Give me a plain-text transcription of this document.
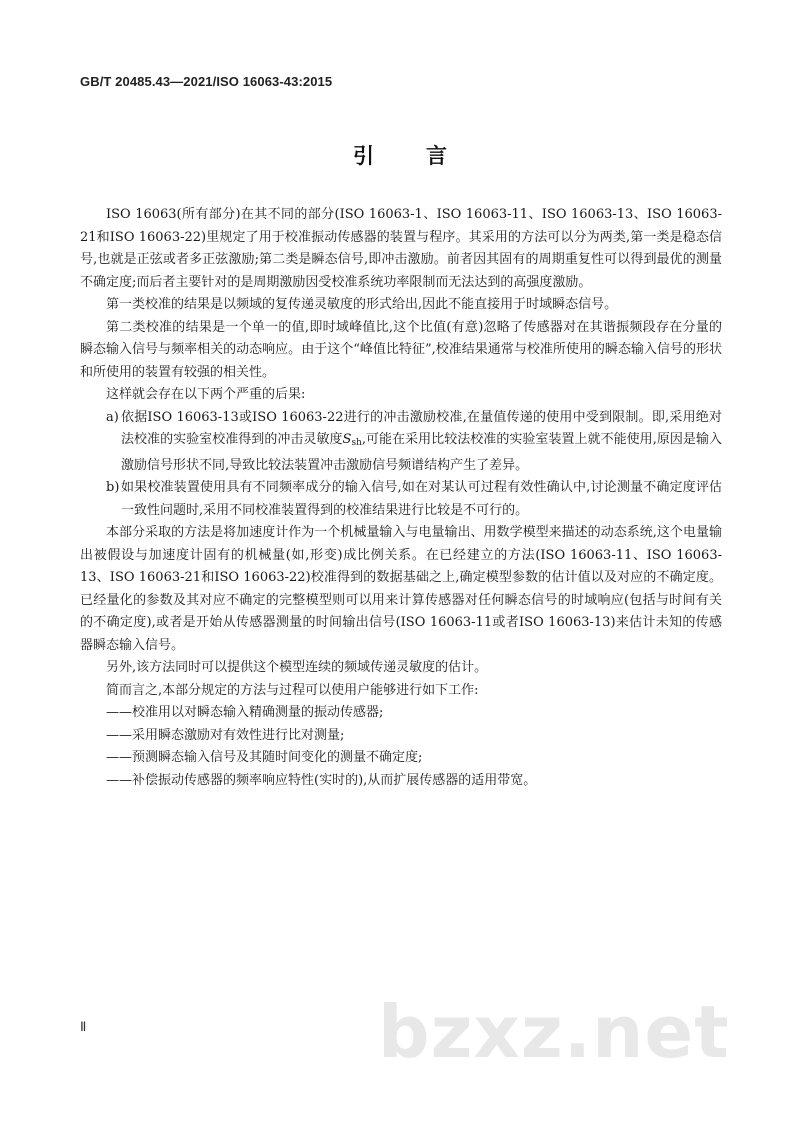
GB/T 20485.43—2021/ISO 16063-43:2015
引言

ISO 16063(所有部分)在其不同的部分(ISO 16063-1、ISO 16063-11、ISO 16063-13、ISO 16063-21和ISO 16063-22)里规定了用于校准振动传感器的装置与程序。其采用的方法可以分为两类,第一类是稳态信号,也就是正弦或者多正弦激励;第二类是瞬态信号,即冲击激励。前者因其固有的周期重复性可以得到最优的测量不确定度;而后者主要针对的是周期激励因受校准系统功率限制而无法达到的高强度激励。

第一类校准的结果是以频域的复传递灵敏度的形式给出,因此不能直接用于时域瞬态信号。

第二类校准的结果是一个单一的值,即时域峰值比,这个比值(有意)忽略了传感器对在其谐振频段存在分量的瞬态输入信号与频率相关的动态响应。由于这个“峰值比特征”,校准结果通常与校准所使用的瞬态输入信号的形状和所使用的装置有较强的相关性。

这样就会存在以下两个严重的后果:

a) 依据ISO 16063-13或ISO 16063-22进行的冲击激励校准,在量值传递的使用中受到限制。即,采用绝对法校准的实验室校准得到的冲击灵敏度$S_{sh}$,可能在采用比较法校准的实验室装置上就不能使用,原因是输入激励信号形状不同,导致比较法装置冲击激励信号频谱结构产生了差异。

b) 如果校准装置使用具有不同频率成分的输入信号,如在对某认可过程有效性确认中,讨论测量不确定度评估一致性问题时,采用不同校准装置得到的校准结果进行比较是不可行的。

本部分采取的方法是将加速度计作为一个机械量输入与电量输出、用数学模型来描述的动态系统,这个电量输出被假设与加速度计固有的机械量(如,形变)成比例关系。在已经建立的方法(ISO 16063-11、ISO 16063-13、ISO 16063-21和ISO 16063-22)校准得到的数据基础之上,确定模型参数的估计值以及对应的不确定度。已经量化的参数及其对应不确定的完整模型则可以用来计算传感器对任何瞬态信号的时域响应(包括与时间有关的不确定度),或者是开始从传感器测量的时间输出信号(ISO 16063-11或者ISO 16063-13)来估计未知的传感器瞬态输入信号。

另外,该方法同时可以提供这个模型连续的频域传递灵敏度的估计。

简而言之,本部分规定的方法与过程可以使用户能够进行如下工作:

——校准用以对瞬态输入精确测量的振动传感器;

——采用瞬态激励对有效性进行比对测量;

——预测瞬态输入信号及其随时间变化的测量不确定度;

——补偿振动传感器的频率响应特性(实时的),从而扩展传感器的适用带宽。

Ⅱ	bzxz.net
